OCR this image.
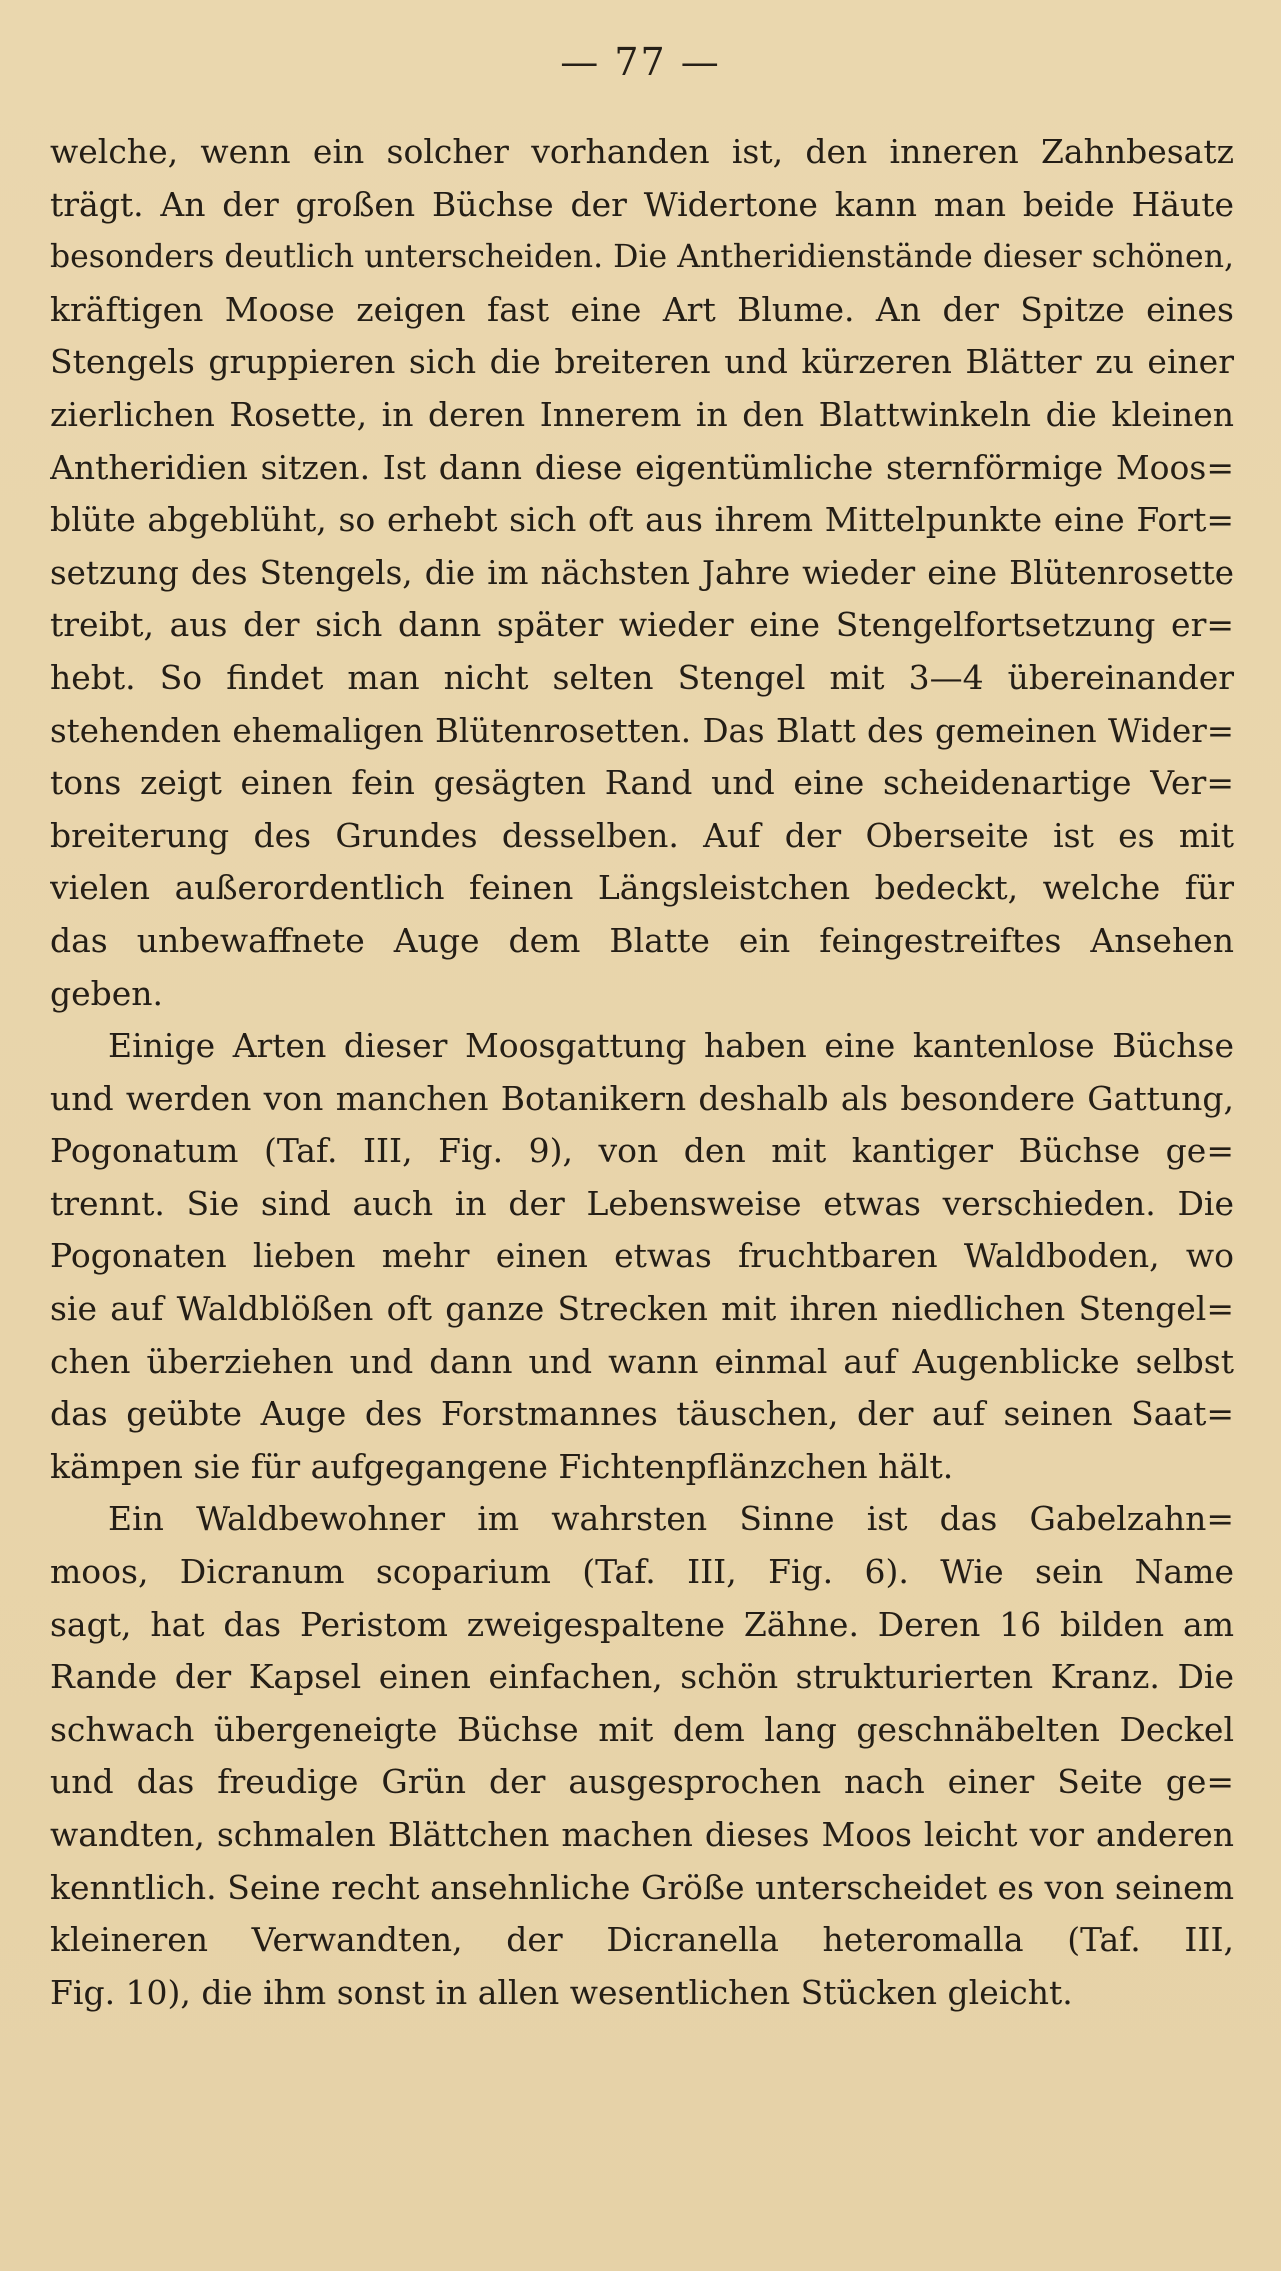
— 77 —
welche, wenn ein solcher vorhanden ist, den inneren Zahnbesatz
trägt. An der großen Büchse der Widertone kann man beide Häute
besonders deutlich unterscheiden. Die Antheridienstände dieser schönen,
kräftigen Moose zeigen fast eine Art Blume. An der Spitze eines
Stengels gruppieren sich die breiteren und kürzeren Blätter zu einer
zierlichen Rosette, in deren Innerem in den Blattwinkeln die kleinen
Antheridien sitzen. Ist dann diese eigentümliche sternförmige Moos=
blüte abgeblüht, so erhebt sich oft aus ihrem Mittelpunkte eine Fort=
setzung des Stengels, die im nächsten Jahre wieder eine Blütenrosette
treibt, aus der sich dann später wieder eine Stengelfortsetzung er=
hebt. So findet man nicht selten Stengel mit 3—4 übereinander
stehenden ehemaligen Blütenrosetten. Das Blatt des gemeinen Wider=
tons zeigt einen fein gesägten Rand und eine scheidenartige Ver=
breiterung des Grundes desselben. Auf der Oberseite ist es mit
vielen außerordentlich feinen Längsleistchen bedeckt, welche für
das unbewaffnete Auge dem Blatte ein feingestreiftes Ansehen
geben.
Einige Arten dieser Moosgattung haben eine kantenlose Büchse
und werden von manchen Botanikern deshalb als besondere Gattung,
Pogonatum (Taf. III, Fig. 9), von den mit kantiger Büchse ge=
trennt. Sie sind auch in der Lebensweise etwas verschieden. Die
Pogonaten lieben mehr einen etwas fruchtbaren Waldboden, wo
sie auf Waldblößen oft ganze Strecken mit ihren niedlichen Stengel=
chen überziehen und dann und wann einmal auf Augenblicke selbst
das geübte Auge des Forstmannes täuschen, der auf seinen Saat=
kämpen sie für aufgegangene Fichtenpflänzchen hält.
Ein Waldbewohner im wahrsten Sinne ist das Gabelzahn=
moos, Dicranum scoparium (Taf. III, Fig. 6). Wie sein Name
sagt, hat das Peristom zweigespaltene Zähne. Deren 16 bilden am
Rande der Kapsel einen einfachen, schön strukturierten Kranz. Die
schwach übergeneigte Büchse mit dem lang geschnäbelten Deckel
und das freudige Grün der ausgesprochen nach einer Seite ge=
wandten, schmalen Blättchen machen dieses Moos leicht vor anderen
kenntlich. Seine recht ansehnliche Größe unterscheidet es von seinem
kleineren Verwandten, der Dicranella heteromalla (Taf. III,
Fig. 10), die ihm sonst in allen wesentlichen Stücken gleicht.
